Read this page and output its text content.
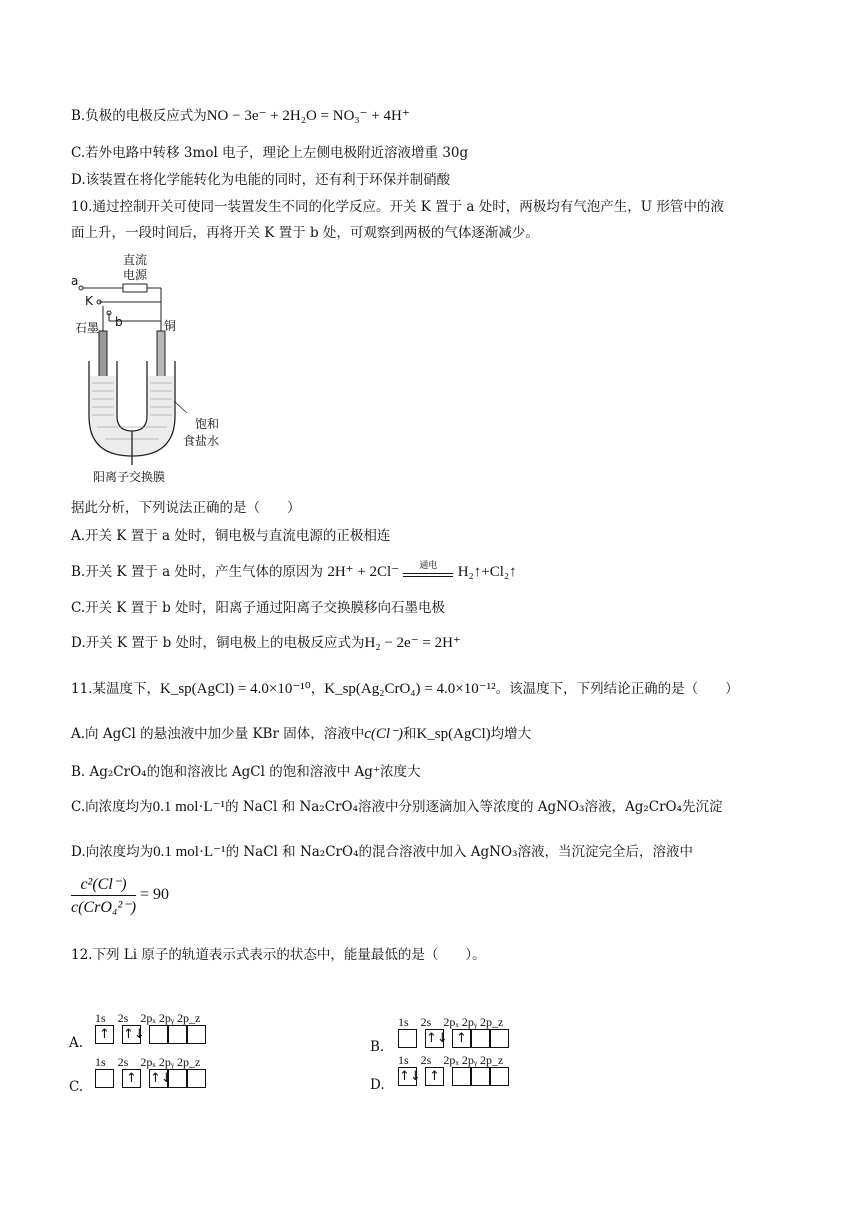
B.负极的电极反应式为NO − 3e⁻ + 2H₂O = NO₃⁻ + 4H⁺
C.若外电路中转移 3mol 电子，理论上左侧电极附近溶液增重 30g
D.该装置在将化学能转化为电能的同时，还有利于环保并制硝酸
10.通过控制开关可使同一装置发生不同的化学反应。开关 K 置于 a 处时，两极均有气泡产生，U 形管中的液
面上升，一段时间后，再将开关 K 置于 b 处，可观察到两极的气体逐渐减少。
直流
电源
a
K
b
石墨	铜
饱和
食盐水
阳离子交换膜
据此分析，下列说法正确的是（　　）
A.开关 K 置于 a 处时，铜电极与直流电源的正极相连
B.开关 K 置于 a 处时，产生气体的原因为 2H⁺ + 2Cl⁻	通电	H₂↑+Cl₂↑
C.开关 K 置于 b 处时，阳离子通过阳离子交换膜移向石墨电极
D.开关 K 置于 b 处时，铜电极上的电极反应式为H₂ − 2e⁻ = 2H⁺
11.某温度下，K_sp(AgCl) = 4.0×10⁻¹⁰，K_sp(Ag₂CrO₄) = 4.0×10⁻¹²。该温度下，下列结论正确的是（　　）
A.向 AgCl 的悬浊液中加少量 KBr 固体，溶液中c(Cl⁻)和K_sp(AgCl)均增大
B. Ag₂CrO₄的饱和溶液比 AgCl 的饱和溶液中 Ag⁺浓度大
C.向浓度均为0.1 mol·L⁻¹的 NaCl 和 Na₂CrO₄溶液中分别逐滴加入等浓度的 AgNO₃溶液，Ag₂CrO₄先沉淀
D.向浓度均为0.1 mol·L⁻¹的 NaCl 和 Na₂CrO₄的混合溶液中加入 AgNO₃溶液，当沉淀完全后，溶液中
$\frac{\text{c²(Cl⁻)}}{\text{c(CrO₄²⁻)}} = 90$
12.下列 Li 原子的轨道表示式表示的状态中，能量最低的是（　　）。
A.
1s　2s　2pₓ 2pᵧ 2p_z
↑	↑↓
B.
1s　2s　2pₓ 2pᵧ 2p_z
↑↓ ↑
C.
1s　2s　2pₓ 2pᵧ 2p_z
↑	↑↓	D.
1s　2s　2pₓ 2pᵧ 2p_z
↑↓ ↑
